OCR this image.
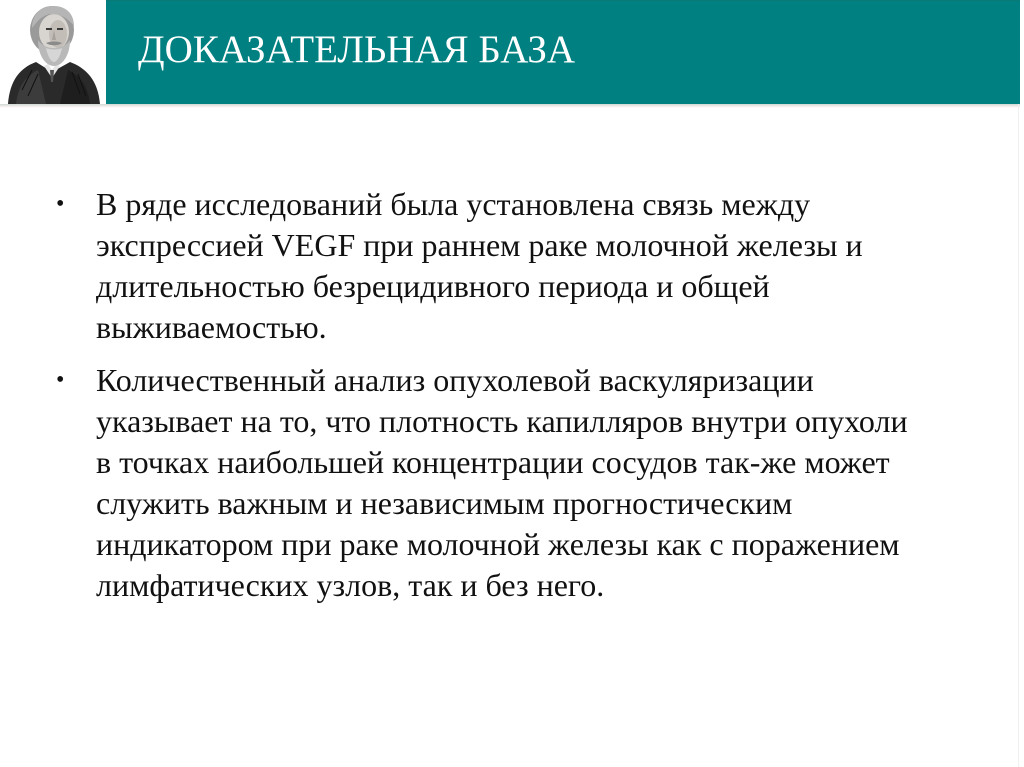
ДОКАЗАТЕЛЬНАЯ БАЗА
• В ряде исследований была установлена связь между
экспрессией VEGF при раннем раке молочной железы и
длительностью безрецидивного периода и общей
выживаемостью.
• Количественный анализ опухолевой васкуляризации
указывает на то, что плотность капилляров внутри опухоли
в точках наибольшей концентрации сосудов так-же может
служить важным и независимым прогностическим
индикатором при раке молочной железы как с поражением
лимфатических узлов, так и без него.
